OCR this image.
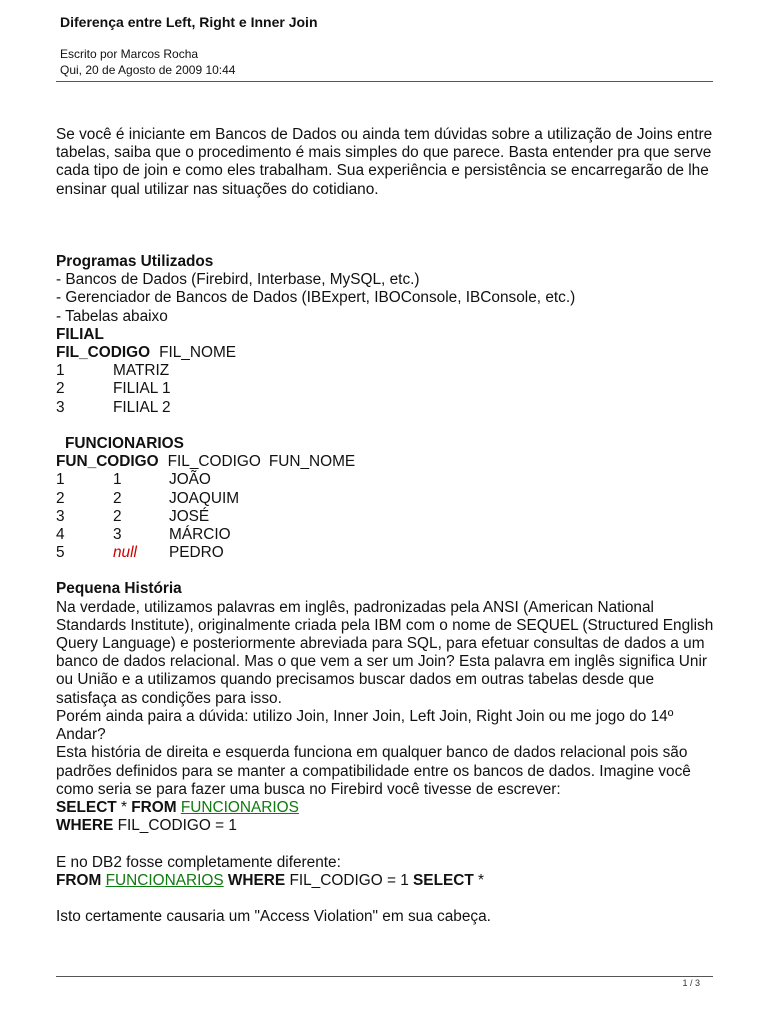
Diferença entre Left, Right e Inner Join
Escrito por Marcos Rocha
Qui, 20 de Agosto de 2009 10:44

Se você é iniciante em Bancos de Dados ou ainda tem dúvidas sobre a utilização de Joins entre tabelas, saiba que o procedimento é mais simples do que parece. Basta entender pra que serve cada tipo de join e como eles trabalham. Sua experiência e persistência se encarregarão de lhe ensinar qual utilizar nas situações do cotidiano.

Programas Utilizados

- Bancos de Dados (Firebird, Interbase, MySQL, etc.)

- Gerenciador de Bancos de Dados (IBExpert, IBOConsole, IBConsole, etc.)

- Tabelas abaixo

FILIAL

FIL_CODIGO FIL_NOME
1	MATRIZ
2	FILIAL 1
3	FILIAL 2

FUNCIONARIOS

FUN_CODIGO FIL_CODIGO FUN_NOME
1	1	JOÃO
2	2	JOAQUIM
3	2	JOSÉ
4	3	MÁRCIO
5	null	PEDRO

Pequena História

Na verdade, utilizamos palavras em inglês, padronizadas pela ANSI (American National Standards Institute), originalmente criada pela IBM com o nome de SEQUEL (Structured English Query Language) e posteriormente abreviada para SQL, para efetuar consultas de dados a um banco de dados relacional. Mas o que vem a ser um Join? Esta palavra em inglês significa Unir ou União e a utilizamos quando precisamos buscar dados em outras tabelas desde que satisfaça as condições para isso.

Porém ainda paira a dúvida: utilizo Join, Inner Join, Left Join, Right Join ou me jogo do 14º Andar?

Esta história de direita e esquerda funciona em qualquer banco de dados relacional pois são padrões definidos para se manter a compatibilidade entre os bancos de dados. Imagine você como seria se para fazer uma busca no Firebird você tivesse de escrever:

SELECT * FROM FUNCIONARIOS

WHERE FIL_CODIGO = 1

E no DB2 fosse completamente diferente:

FROM FUNCIONARIOS WHERE FIL_CODIGO = 1 SELECT *

Isto certamente causaria um "Access Violation" em sua cabeça.

1 / 3
